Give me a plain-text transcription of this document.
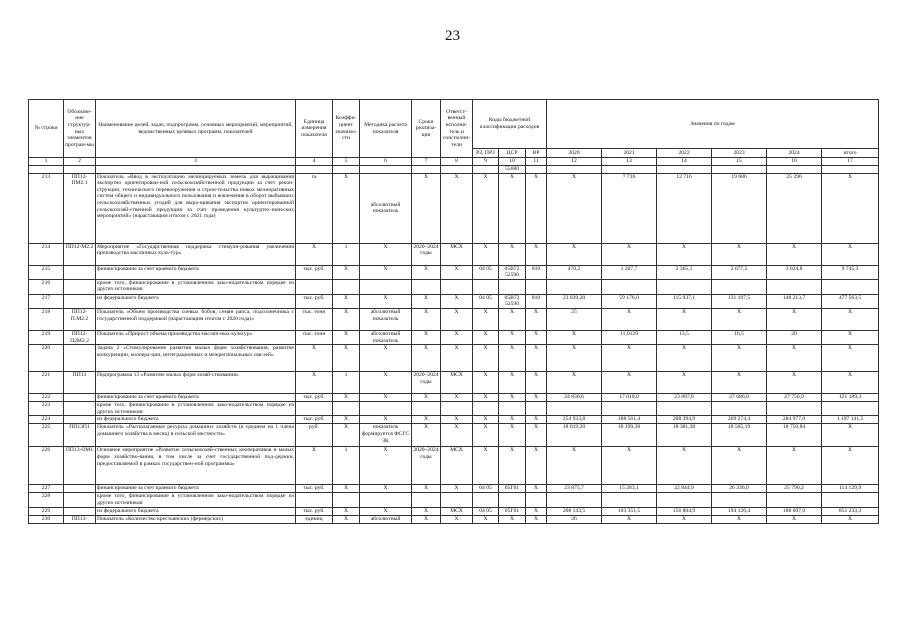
23
№ строки	Обозначе-ние структур-ных элементов програм-мы	Наименование целей, задач, подпрограмм, основных мероприятий, мероприятий, ведомственных целевых программ, показателей	Единица измерения показателя	Коэффи-циент значимо-сти	Методика расчета показателя	Сроки реализа-ции	Ответст-венный исполни-тель и соисполни-тели	Коды бюджетной классификации расходов			Значения по годам					
								РЗ, ПР3	ЦСР	ВР	2020	2021	2022	2023	2024	итого
1	2	3	4	5	6	7	8	9	10	11	12	13	14	15	16	17
									55680							
213	ПП12-ПМ2.1	Показатель «Ввод в эксплуатацию мелиорируемых земель для выращивания экспортно ориентирован-ной сельскохозяйственной продукции за счет рекон-струкции, технического перевооружения и строи-тельства новых мелиоративных систем общего и индивидуального пользования и вовлечения в оборот выбывших сельскохозяйственных угодий для выра-щивания экспортно ориентированной сельскохозяй-ственной продукции за счет проведения культуртех-нических мероприятий» (нарастающим итогом с 2021 года)	га	X	абсолютный показатель	X	X	X	X	X	X	7 716	12 716	19 686	25 296	X
214	ПП12-М2.2	Мероприятие «Государственная поддержка стимули-рования увеличения производства масличных куль-тур»	X	1	X	2020–2024 годы	МСХ	X	X	X	X	X	X	X	X	X
215		финансирование за счет краевого бюджета	тыс. руб.	X	X	X	X	04 05	05В72 52590	810	470,2	1 207,7	2 365,1	2 677,5	3 024,8	9 745,3
216		кроме того, финансирование в установленном зако-нодательством порядке из других источников:														
217		из федерального бюджета	тыс. руб.	X	X	X	X	04 05	05В72 52590	810	23 039,20	59 176,0	115 937,1	131 197,5	148 213,7	477 563,5
218	ПП12-П.М2.2	Показатель «Объем производства соевых бобов, семян рапса, подсолнечника с государственной поддержкой (нарастающим итогом с 2020 года)»	тыс. тонн	X	абсолютный показатель	X	X	X	X	X	25	X	X	X	X	X
219	ПП12-П2М2.2	Показатель «Прирост объема производства маслич-ных культур»	тыс. тонн	X	абсолютный показатель	X	X	X	X	X	X	11,0129	13,5	16,5	20	X
220		Задача 2 «Стимулирование развития малых форм хозяйствования, развитие конкуренции, коопера-ции, интеграционных и межрегиональных свя-зей»	X	X	X	X	X	X	X	X	X	X	X	X	X	X
221	ПП13	Подпрограмма 13 «Развитие малых форм хозяй-ствования»	X	1	X	2020–2024 годы	МСХ	X	X	X	X	X	X	X	X	X
222		финансирование за счет краевого бюджета	тыс. руб.	X	X	X	X	X	X	X	24 830,6	17 018,0	23 897,8	27 686,0	27 756,9	121 189,3
223		кроме того, финансирование в установленном зако-нодательством порядке из других источников:														
224		из федерального бюджета	тыс. руб.	X	X	X	X	X	X	X	254 933,8	188 561,4	208 394,9	269 274,4	284 977,0	1 197 141,5
225	ПП13П1	Показатель «Располагаемые ресурсы домашних хозяйств (в среднем на 1 члена домашнего хозяйства в месяц) в сельской местности»	руб.	X	показатель формируется ФСГС ЗК	X	X	X	X	X	18 019,20	18 199,39	18 381,38	18 565,19	18 750,84	X
226	ПП13-ОМ1	Основное мероприятие «Развитие сельскохозяй-ственных кооперативов и малых форм хозяйство-вания, в том числе за счет государственной под-держки, предоставляемой в рамках государствен-ной программы»	X	1	X	2020–2024 годы	МСХ	X	X	X	X	X	X	X	X	X
227		финансирование за счет краевого бюджета	тыс. руб.	X	X	X	X	04 05	05Г01	X	23 875,7	15 283,1	22 844,9	26 336,0	25 790,2	114 129,9
228		кроме того, финансирование в установленном зако-нодательством порядке из других источников:														
229		из федерального бюджета	тыс. руб.	X	X	X	МСХ	04 05	05Г01	X	208 143,5	103 351,5	156 804,9	194 126,4	188 607,0	851 233,3
230	ПП13-	Показатель «Количество крестьянских (фермерских)	единиц	X	абсолютный	X	X	X	X	X	26	X	X	X	X	X
